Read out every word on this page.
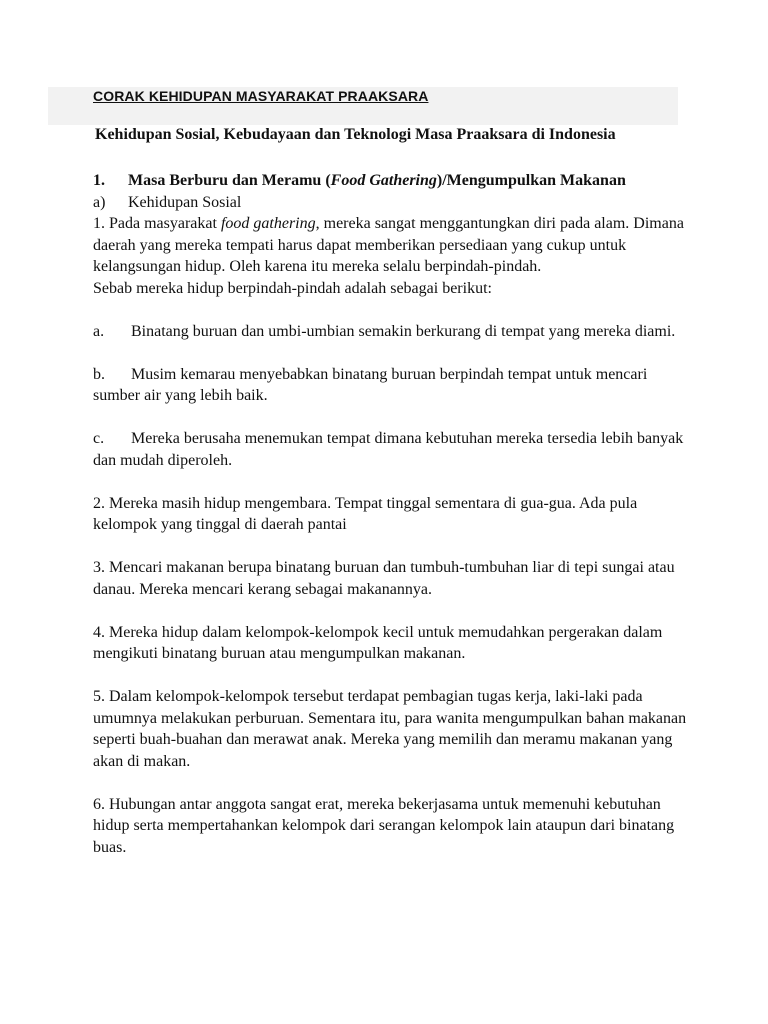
CORAK KEHIDUPAN MASYARAKAT PRAAKSARA
Kehidupan Sosial, Kebudayaan dan Teknologi Masa Praaksara di Indonesia

1. Masa Berburu dan Meramu (Food Gathering)/Mengumpulkan Makanan

a) Kehidupan Sosial

1. Pada masyarakat food gathering, mereka sangat menggantungkan diri pada alam. Dimana daerah yang mereka tempati harus dapat memberikan persediaan yang cukup untuk kelangsungan hidup. Oleh karena itu mereka selalu berpindah-pindah.

Sebab mereka hidup berpindah-pindah adalah sebagai berikut:

a. Binatang buruan dan umbi-umbian semakin berkurang di tempat yang mereka diami.

b. Musim kemarau menyebabkan binatang buruan berpindah tempat untuk mencari sumber air yang lebih baik.

c. Mereka berusaha menemukan tempat dimana kebutuhan mereka tersedia lebih banyak dan mudah diperoleh.

2. Mereka masih hidup mengembara. Tempat tinggal sementara di gua-gua. Ada pula kelompok yang tinggal di daerah pantai

3. Mencari makanan berupa binatang buruan dan tumbuh-tumbuhan liar di tepi sungai atau danau. Mereka mencari kerang sebagai makanannya.

4. Mereka hidup dalam kelompok-kelompok kecil untuk memudahkan pergerakan dalam mengikuti binatang buruan atau mengumpulkan makanan.

5. Dalam kelompok-kelompok tersebut terdapat pembagian tugas kerja, laki-laki pada umumnya melakukan perburuan. Sementara itu, para wanita mengumpulkan bahan makanan seperti buah-buahan dan merawat anak. Mereka yang memilih dan meramu makanan yang akan di makan.

6. Hubungan antar anggota sangat erat, mereka bekerjasama untuk memenuhi kebutuhan hidup serta mempertahankan kelompok dari serangan kelompok lain ataupun dari binatang buas.
